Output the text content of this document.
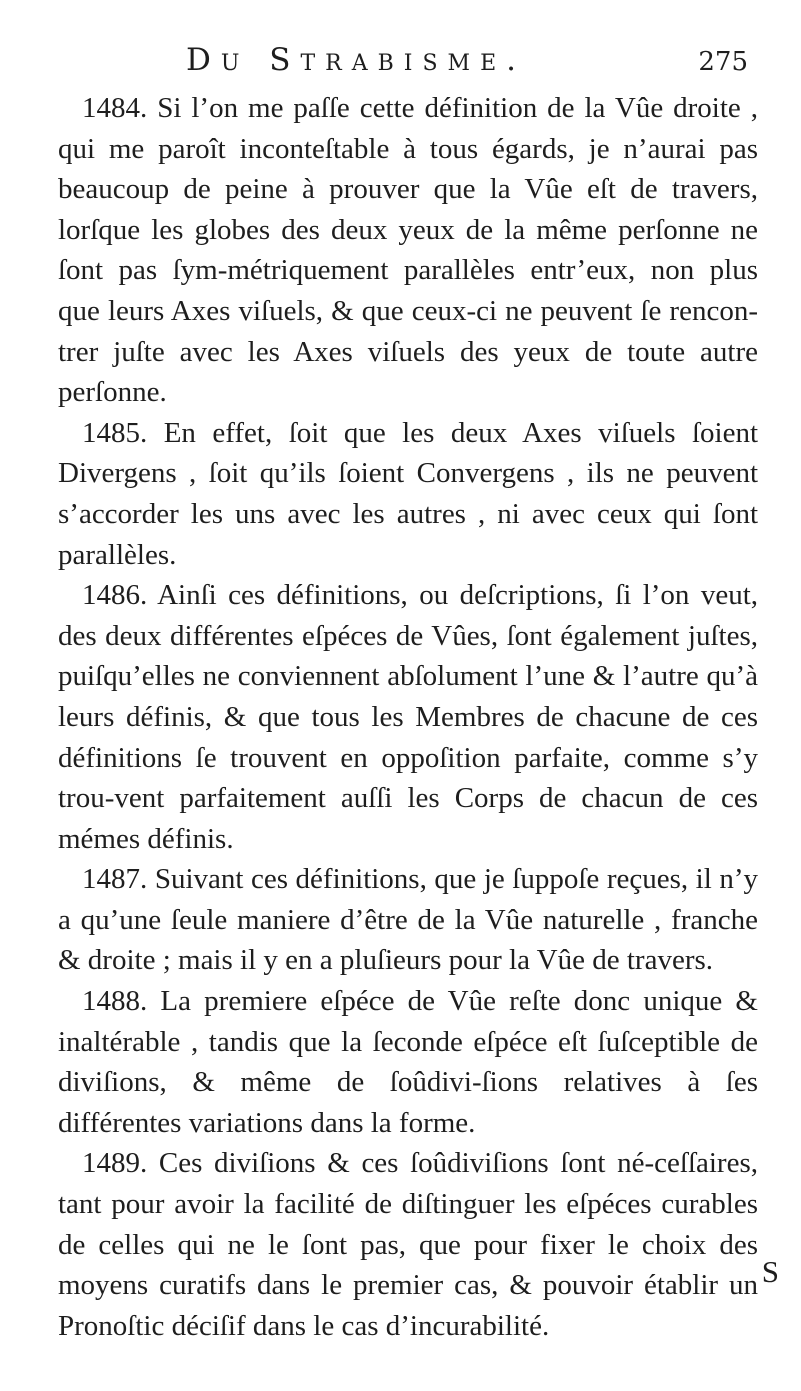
Du Strabisme.	275

1484. Si l’on me paſſe cette définition de la Vûe droite , qui me paroît inconteſtable à tous égards, je n’aurai pas beaucoup de peine à prouver que la Vûe eſt de travers, lorſque les globes des deux yeux de la même perſonne ne ſont pas ſym-métriquement parallèles entr’eux, non plus que leurs Axes viſuels, & que ceux-ci ne peuvent ſe rencon-trer juſte avec les Axes viſuels des yeux de toute autre perſonne.

1485. En effet, ſoit que les deux Axes viſuels ſoient Divergens , ſoit qu’ils ſoient Convergens , ils ne peuvent s’accorder les uns avec les autres , ni avec ceux qui ſont parallèles.

1486. Ainſi ces définitions, ou deſcriptions, ſi l’on veut, des deux différentes eſpéces de Vûes, ſont également juſtes, puiſqu’elles ne conviennent abſolument l’une & l’autre qu’à leurs définis, & que tous les Membres de chacune de ces définitions ſe trouvent en oppoſition parfaite, comme s’y trou-vent parfaitement auſſi les Corps de chacun de ces mémes définis.

1487. Suivant ces définitions, que je ſuppoſe reçues, il n’y a qu’une ſeule maniere d’être de la Vûe naturelle , franche & droite ; mais il y en a pluſieurs pour la Vûe de travers.

1488. La premiere eſpéce de Vûe reſte donc unique & inaltérable , tandis que la ſeconde eſpéce eſt ſuſceptible de diviſions, & même de ſoûdivi-ſions relatives à ſes différentes variations dans la forme.

1489. Ces diviſions & ces ſoûdiviſions ſont né-ceſſaires, tant pour avoir la facilité de diſtinguer les eſpéces curables de celles qui ne le ſont pas, que pour fixer le choix des moyens curatifs dans le premier cas, & pouvoir établir un Pronoſtic déciſif dans le cas d’incurabilité.

S
